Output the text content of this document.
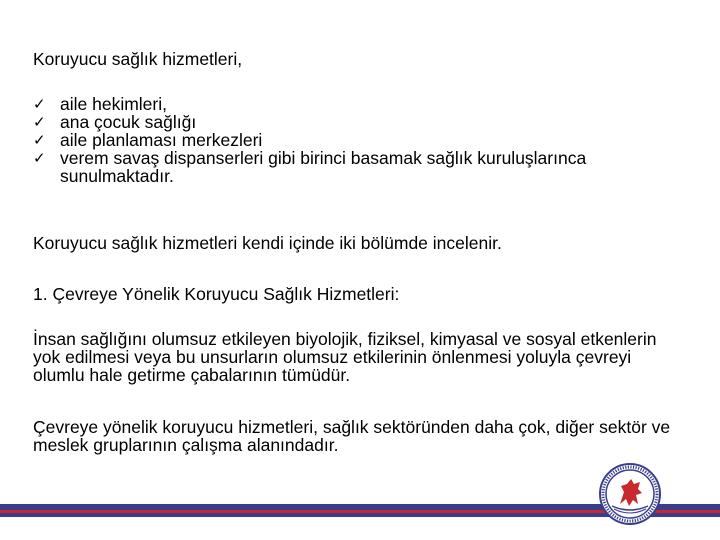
Koruyucu sağlık hizmetleri,

✓ aile hekimleri,
✓ ana çocuk sağlığı
✓ aile planlaması merkezleri
✓ verem savaş dispanserleri gibi birinci basamak sağlık kuruluşlarınca sunulmaktadır.

Koruyucu sağlık hizmetleri kendi içinde iki bölümde incelenir.

1. Çevreye Yönelik Koruyucu Sağlık Hizmetleri:

İnsan sağlığını olumsuz etkileyen biyolojik, fiziksel, kimyasal ve sosyal etkenlerin yok edilmesi veya bu unsurların olumsuz etkilerinin önlenmesi yoluyla çevreyi olumlu hale getirme çabalarının tümüdür.

Çevreye yönelik koruyucu hizmetleri, sağlık sektöründen daha çok, diğer sektör ve meslek gruplarının çalışma alanındadır.
